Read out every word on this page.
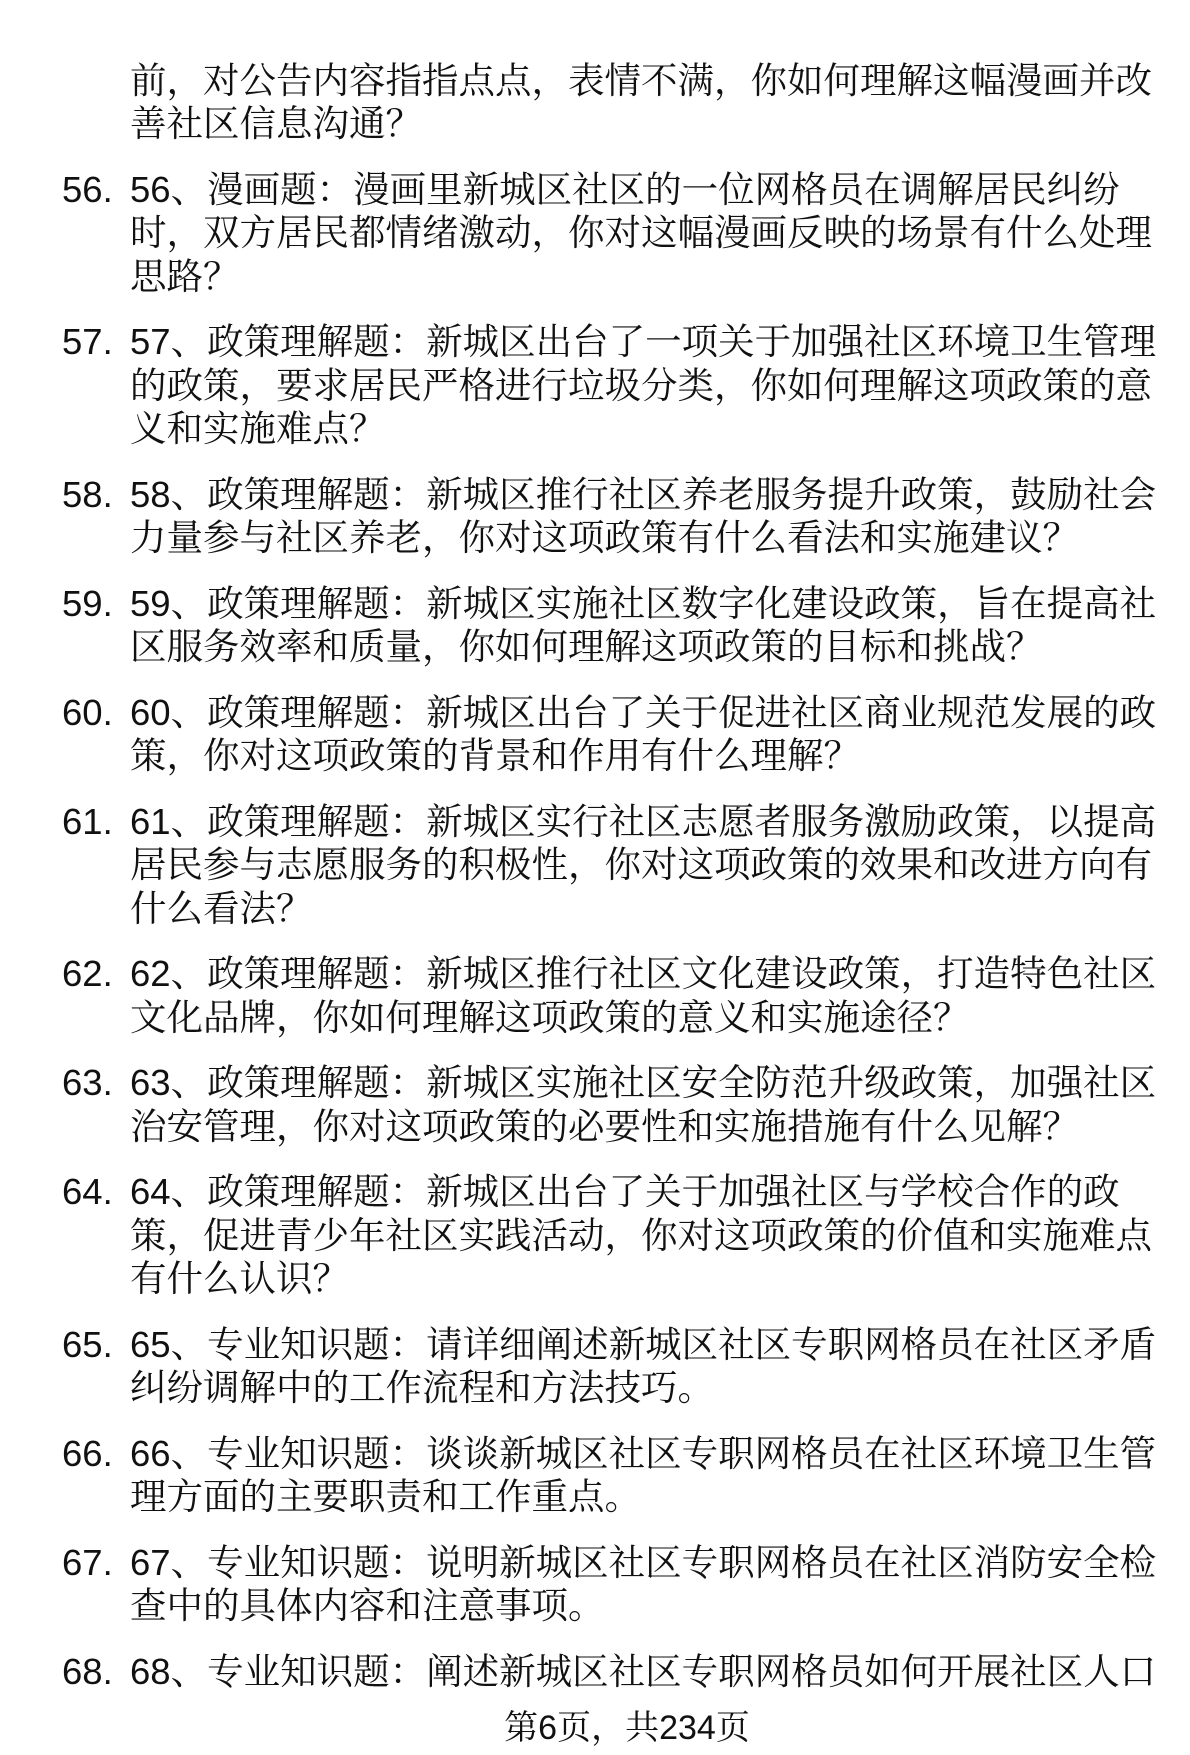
前，对公告内容指指点点，表情不满，你如何理解这幅漫画并改
善社区信息沟通？
56. 56、漫画题：漫画里新城区社区的一位网格员在调解居民纠纷
时，双方居民都情绪激动，你对这幅漫画反映的场景有什么处理
思路？
57. 57、政策理解题：新城区出台了一项关于加强社区环境卫生管理
的政策，要求居民严格进行垃圾分类，你如何理解这项政策的意
义和实施难点？
58. 58、政策理解题：新城区推行社区养老服务提升政策，鼓励社会
力量参与社区养老，你对这项政策有什么看法和实施建议？
59. 59、政策理解题：新城区实施社区数字化建设政策，旨在提高社
区服务效率和质量，你如何理解这项政策的目标和挑战？
60. 60、政策理解题：新城区出台了关于促进社区商业规范发展的政
策，你对这项政策的背景和作用有什么理解？
61. 61、政策理解题：新城区实行社区志愿者服务激励政策，以提高
居民参与志愿服务的积极性，你对这项政策的效果和改进方向有
什么看法？
62. 62、政策理解题：新城区推行社区文化建设政策，打造特色社区
文化品牌，你如何理解这项政策的意义和实施途径？
63. 63、政策理解题：新城区实施社区安全防范升级政策，加强社区
治安管理，你对这项政策的必要性和实施措施有什么见解？
64. 64、政策理解题：新城区出台了关于加强社区与学校合作的政
策，促进青少年社区实践活动，你对这项政策的价值和实施难点
有什么认识？
65. 65、专业知识题：请详细阐述新城区社区专职网格员在社区矛盾
纠纷调解中的工作流程和方法技巧。
66. 66、专业知识题：谈谈新城区社区专职网格员在社区环境卫生管
理方面的主要职责和工作重点。
67. 67、专业知识题：说明新城区社区专职网格员在社区消防安全检
查中的具体内容和注意事项。
68. 68、专业知识题：阐述新城区社区专职网格员如何开展社区人口
第6页，共234页
